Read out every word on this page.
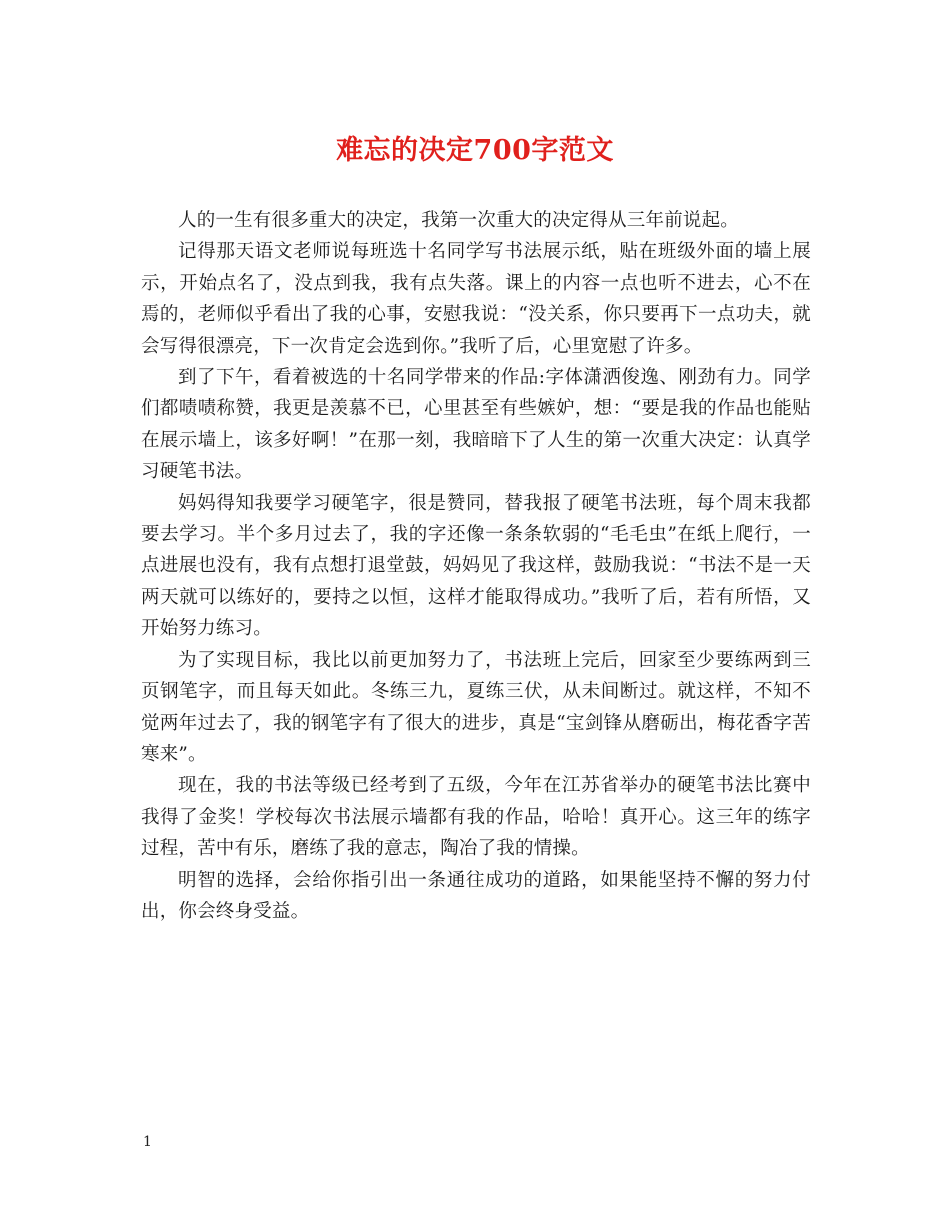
难忘的决定700字范文

人的一生有很多重大的决定，我第一次重大的决定得从三年前说起。

记得那天语文老师说每班选十名同学写书法展示纸，贴在班级外面的墙上展示，开始点名了，没点到我，我有点失落。课上的内容一点也听不进去，心不在焉的，老师似乎看出了我的心事，安慰我说：“没关系，你只要再下一点功夫，就会写得很漂亮，下一次肯定会选到你。”我听了后，心里宽慰了许多。

到了下午，看着被选的十名同学带来的作品:字体潇洒俊逸、刚劲有力。同学们都啧啧称赞，我更是羡慕不已，心里甚至有些嫉妒，想：“要是我的作品也能贴在展示墙上，该多好啊！”在那一刻，我暗暗下了人生的第一次重大决定：认真学习硬笔书法。

妈妈得知我要学习硬笔字，很是赞同，替我报了硬笔书法班，每个周末我都要去学习。半个多月过去了，我的字还像一条条软弱的“毛毛虫”在纸上爬行，一点进展也没有，我有点想打退堂鼓，妈妈见了我这样，鼓励我说：“书法不是一天两天就可以练好的，要持之以恒，这样才能取得成功。”我听了后，若有所悟，又开始努力练习。

为了实现目标，我比以前更加努力了，书法班上完后，回家至少要练两到三页钢笔字，而且每天如此。冬练三九，夏练三伏，从未间断过。就这样，不知不觉两年过去了，我的钢笔字有了很大的进步，真是“宝剑锋从磨砺出，梅花香字苦寒来”。

现在，我的书法等级已经考到了五级，今年在江苏省举办的硬笔书法比赛中我得了金奖！学校每次书法展示墙都有我的作品，哈哈！真开心。这三年的练字过程，苦中有乐，磨练了我的意志，陶冶了我的情操。

明智的选择，会给你指引出一条通往成功的道路，如果能坚持不懈的努力付出，你会终身受益。

1
